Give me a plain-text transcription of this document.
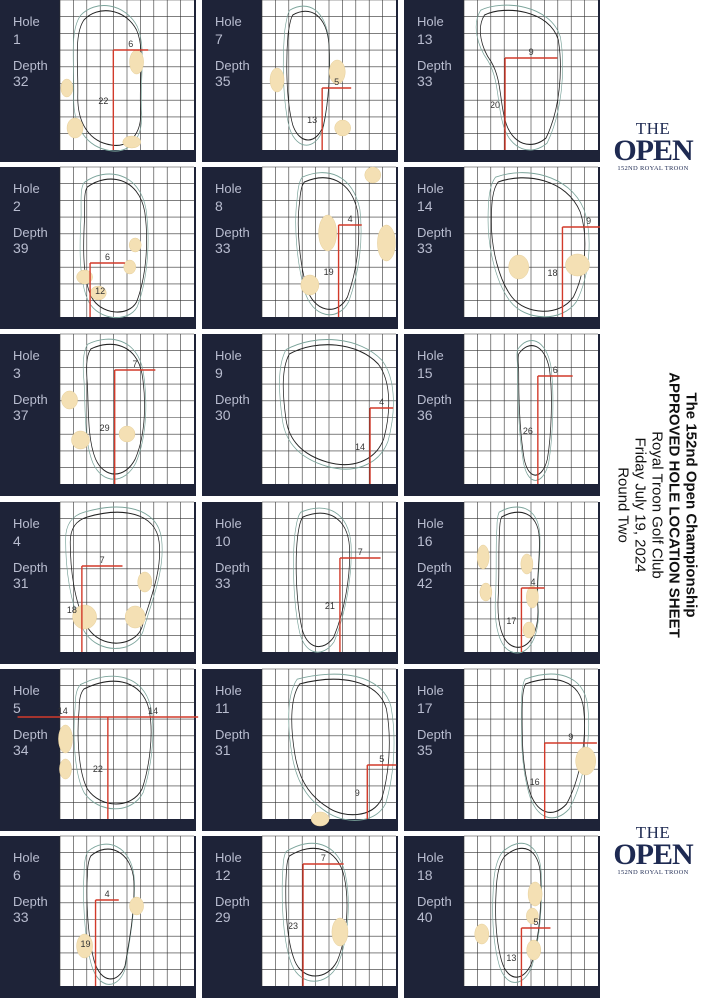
Hole
1
Depth
32
6
22
Hole
7
Depth
35	5
13
Hole
13
Depth
33
9
20
Hole
2
Depth
39
6
12
Hole
8
Depth
33
4
19
Hole
14
Depth
33
9
18
Hole
3
Depth
37
7
29
Hole
9
Depth
30
4
14
Hole
15
Depth
36
6
26
Hole
4
Depth
31
7
18
Hole
10
Depth
33
7
21
Hole
16
Depth
42	4
17
Hole
5
Depth
34
14	14
22
Hole
11
Depth
31
5
9
Hole
17
Depth
35
9
16
Hole
6
Depth
33
4
19
Hole
12
Depth
29
7
23
Hole
18
Depth
40	5
13
THE
OPEN
152ND ROYAL TROON
THE
OPEN
152ND ROYAL TROON
The 152nd Open Championship
APPROVED HOLE LOCATION SHEET
Royal Troon Golf Club
Friday July 19, 2024
Round Two
